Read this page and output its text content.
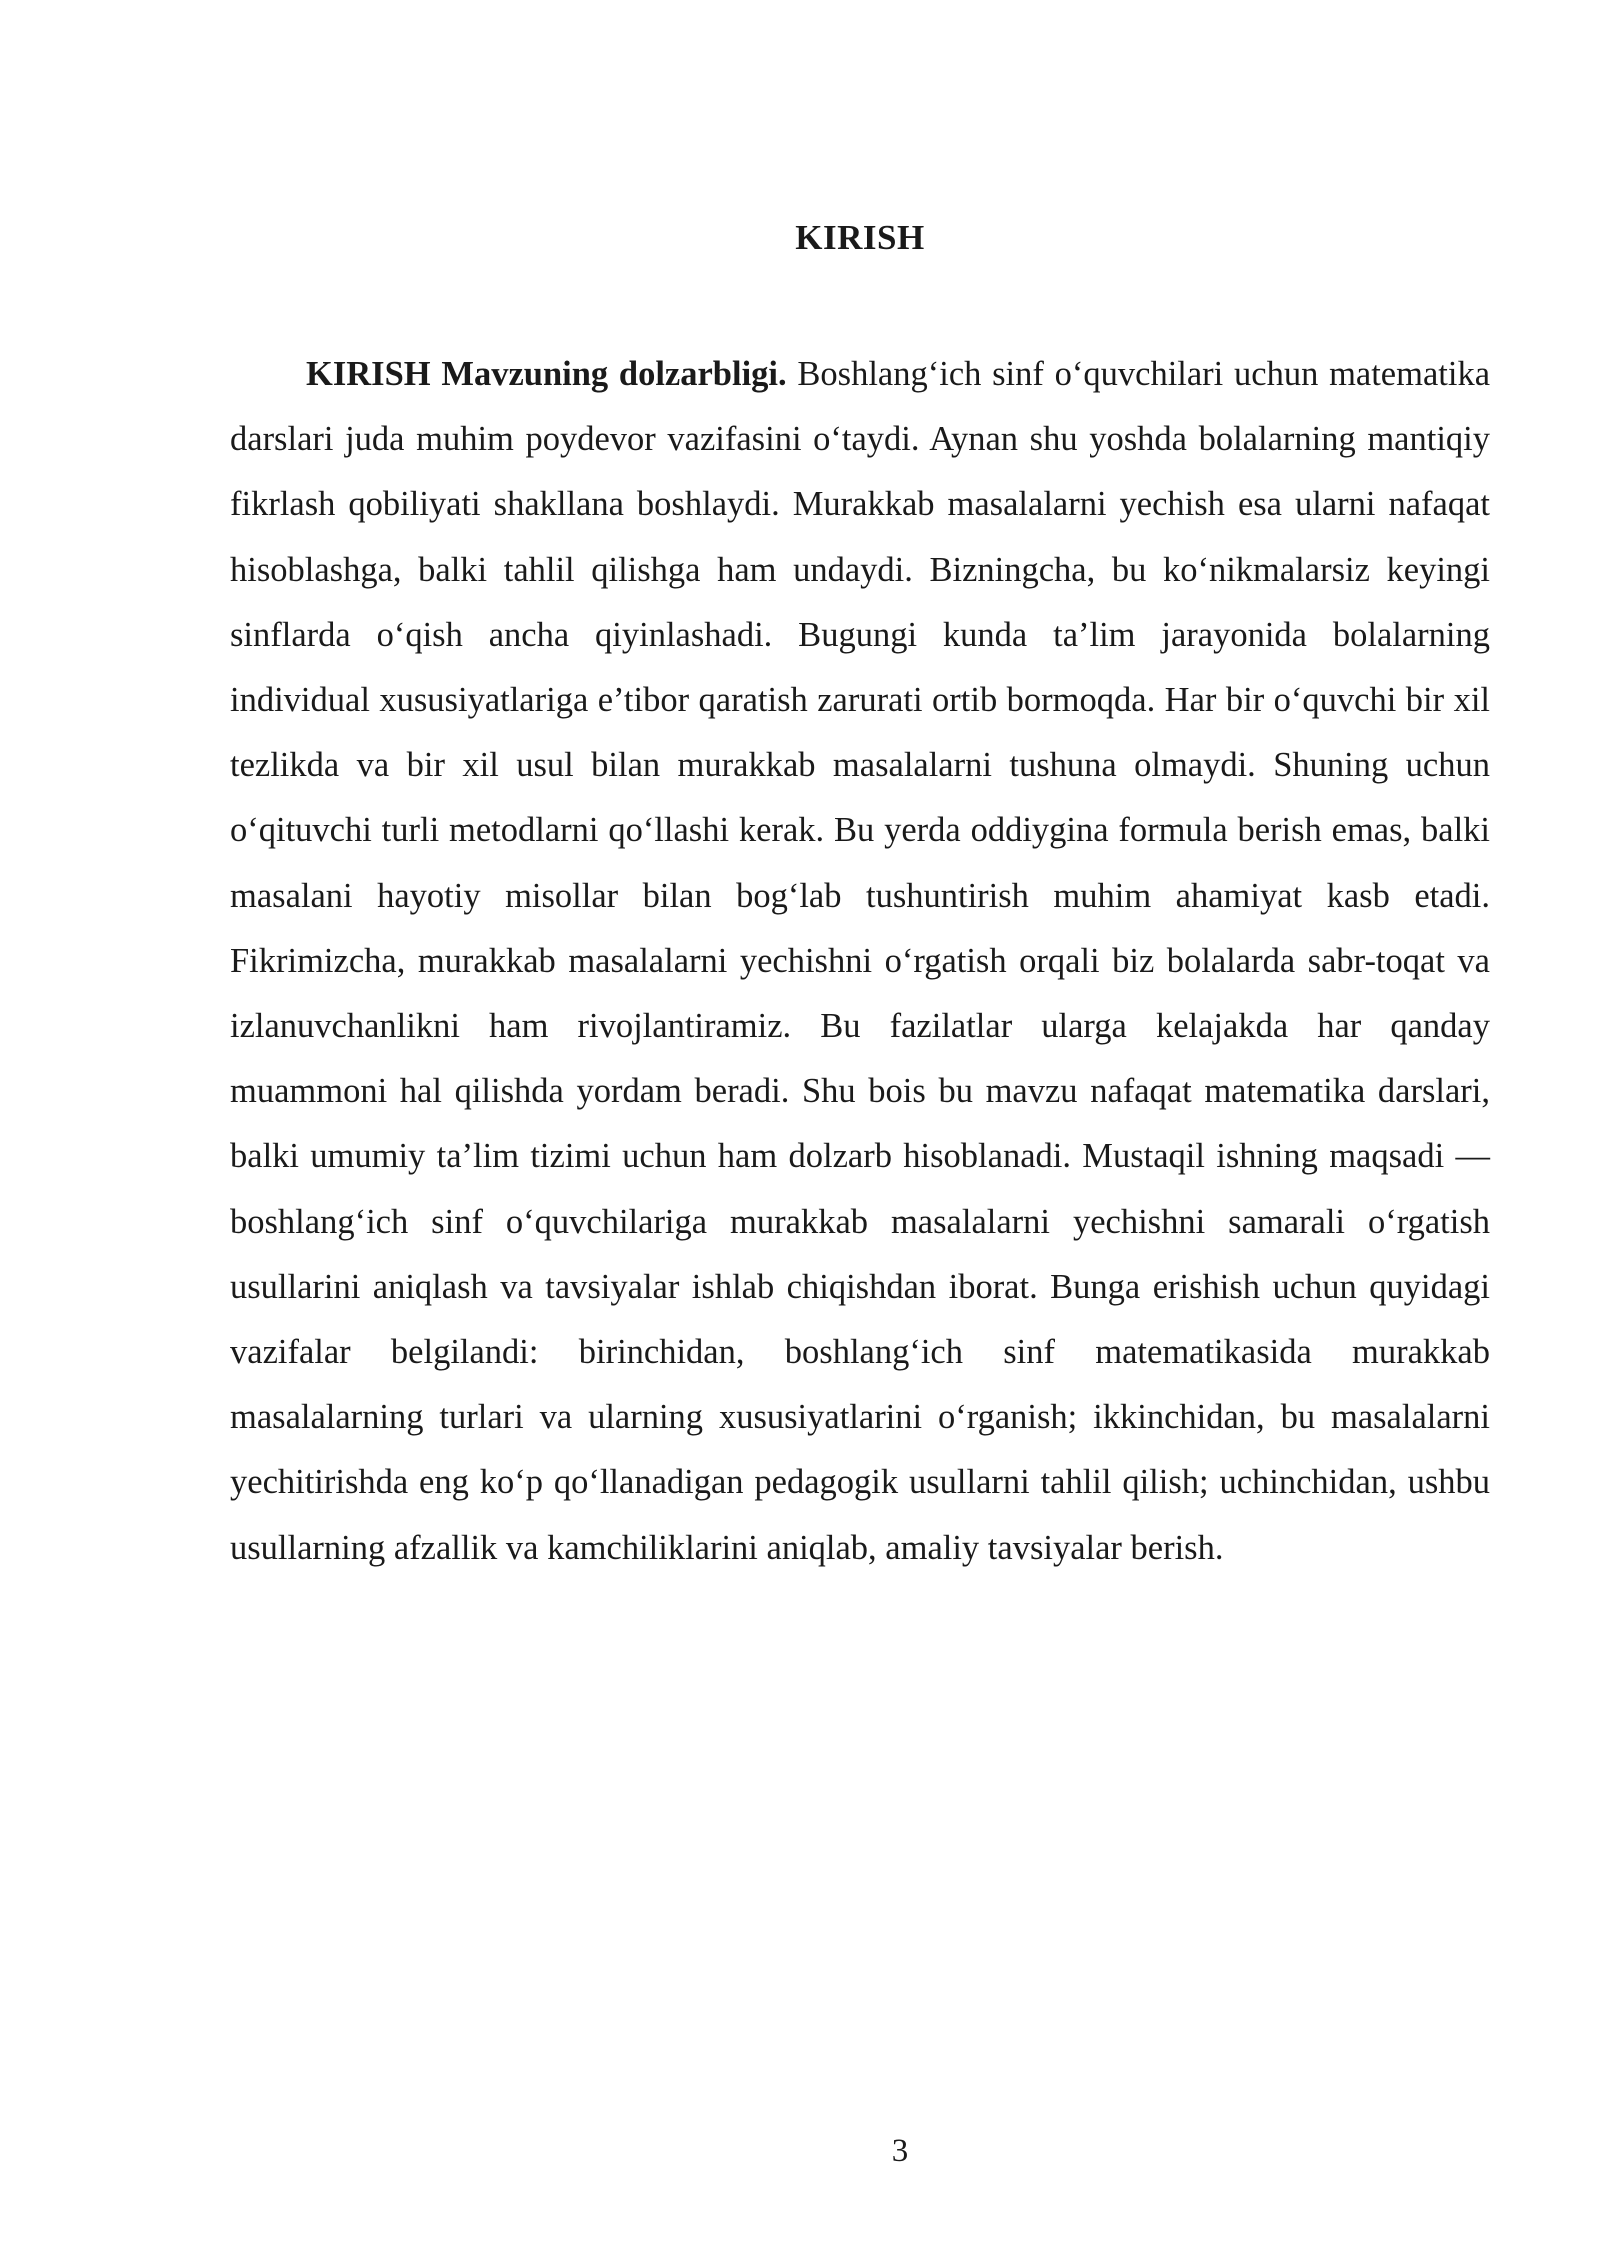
KIRISH

KIRISH Mavzuning dolzarbligi. Boshlang‘ich sinf o‘quvchilari uchun matematika darslari juda muhim poydevor vazifasini o‘taydi. Aynan shu yoshda bolalarning mantiqiy fikrlash qobiliyati shakllana boshlaydi. Murakkab masalalarni yechish esa ularni nafaqat hisoblashga, balki tahlil qilishga ham undaydi. Bizningcha, bu ko‘nikmalarsiz keyingi sinflarda o‘qish ancha qiyinlashadi. Bugungi kunda ta’lim jarayonida bolalarning individual xususiyatlariga e’tibor qaratish zarurati ortib bormoqda. Har bir o‘quvchi bir xil tezlikda va bir xil usul bilan murakkab masalalarni tushuna olmaydi. Shuning uchun o‘qituvchi turli metodlarni qo‘llashi kerak. Bu yerda oddiygina formula berish emas, balki masalani hayotiy misollar bilan bog‘lab tushuntirish muhim ahamiyat kasb etadi. Fikrimizcha, murakkab masalalarni yechishni o‘rgatish orqali biz bolalarda sabr-toqat va izlanuvchanlikni ham rivojlantiramiz. Bu fazilatlar ularga kelajakda har qanday muammoni hal qilishda yordam beradi. Shu bois bu mavzu nafaqat matematika darslari, balki umumiy ta’lim tizimi uchun ham dolzarb hisoblanadi. Mustaqil ishning maqsadi — boshlang‘ich sinf o‘quvchilariga murakkab masalalarni yechishni samarali o‘rgatish usullarini aniqlash va tavsiyalar ishlab chiqishdan iborat. Bunga erishish uchun quyidagi vazifalar belgilandi: birinchidan, boshlang‘ich sinf matematikasida murakkab masalalarning turlari va ularning xususiyatlarini o‘rganish; ikkinchidan, bu masalalarni yechitirishda eng ko‘p qo‘llanadigan pedagogik usullarni tahlil qilish; uchinchidan, ushbu usullarning afzallik va kamchiliklarini aniqlab, amaliy tavsiyalar berish.

3
